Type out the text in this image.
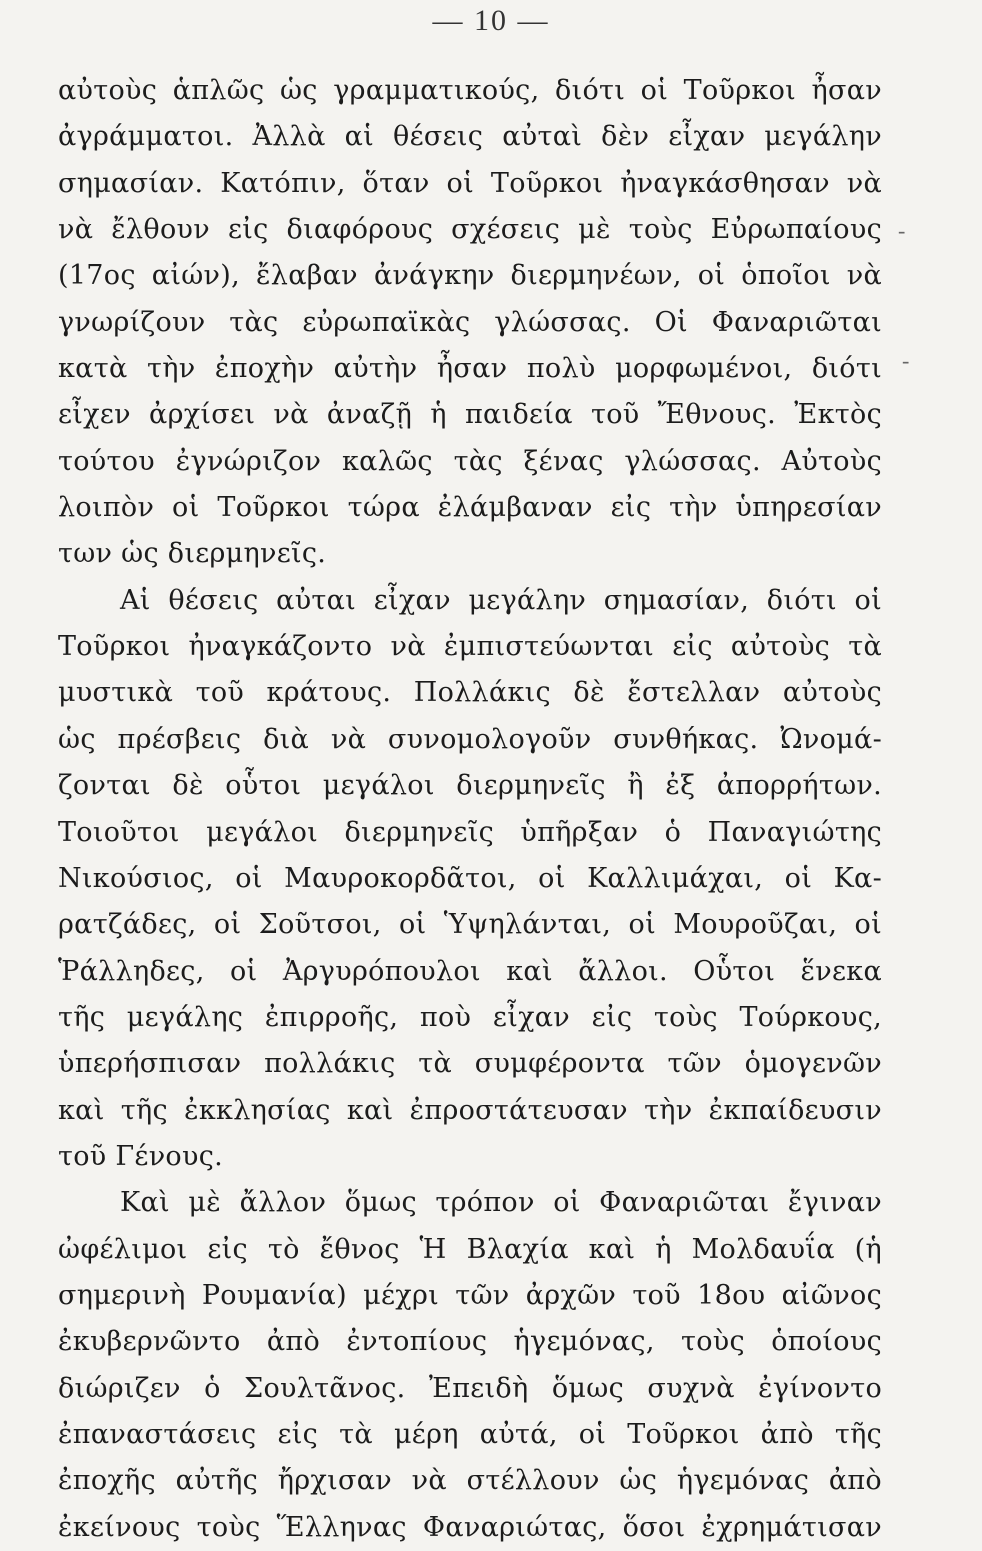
— 10 —
αὐτοὺς ἁπλῶς ὡς γραμματικούς, διότι οἱ Τοῦρκοι ἦσαν
ἀγράμματοι. Ἀλλὰ αἱ θέσεις αὐταὶ δὲν εἶχαν μεγάλην
σημασίαν. Κατόπιν, ὅταν οἱ Τοῦρκοι ἠναγκάσθησαν νὰ
νὰ ἔλθουν εἰς διαφόρους σχέσεις μὲ τοὺς Εὐρωπαίους
(17ος αἰών), ἔλαβαν ἀνάγκην διερμηνέων, οἱ ὁποῖοι νὰ
γνωρίζουν τὰς εὐρωπαϊκὰς γλώσσας. Οἱ Φαναριῶται
κατὰ τὴν ἐποχὴν αὐτὴν ἦσαν πολὺ μορφωμένοι, διότι
εἶχεν ἀρχίσει νὰ ἀναζῇ ἡ παιδεία τοῦ Ἔθνους. Ἐκτὸς
τούτου ἐγνώριζον καλῶς τὰς ξένας γλώσσας. Αὐτοὺς
λοιπὸν οἱ Τοῦρκοι τώρα ἐλάμβαναν εἰς τὴν ὑπηρεσίαν
των ὡς διερμηνεῖς.
Αἱ θέσεις αὐται εἶχαν μεγάλην σημασίαν, διότι οἱ
Τοῦρκοι ἠναγκάζοντο νὰ ἐμπιστεύωνται εἰς αὐτοὺς τὰ
μυστικὰ τοῦ κράτους. Πολλάκις δὲ ἔστελλαν αὐτοὺς
ὡς πρέσβεις διὰ νὰ συνομολογοῦν συνθήκας. Ὠνομά-
ζονται δὲ οὗτοι μεγάλοι διερμηνεῖς ἢ ἐξ ἀπορρήτων.
Τοιοῦτοι μεγάλοι διερμηνεῖς ὑπῆρξαν ὁ Παναγιώτης
Νικούσιος, οἱ Μαυροκορδᾶτοι, οἱ Καλλιμάχαι, οἱ Κα-
ρατζάδες, οἱ Σοῦτσοι, οἱ Ὑψηλάνται, οἱ Μουροῦζαι, οἱ
Ῥάλληδες, οἱ Ἀργυρόπουλοι καὶ ἄλλοι. Οὗτοι ἕνεκα
τῆς μεγάλης ἐπιρροῆς, ποὺ εἶχαν εἰς τοὺς Τούρκους,
ὑπερήσπισαν πολλάκις τὰ συμφέροντα τῶν ὁμογενῶν
καὶ τῆς ἐκκλησίας καὶ ἐπροστάτευσαν τὴν ἐκπαίδευσιν
τοῦ Γένους.
Καὶ μὲ ἄλλον ὅμως τρόπον οἱ Φαναριῶται ἔγιναν
ὠφέλιμοι εἰς τὸ ἔθνος Ἡ Βλαχία καὶ ἡ Μολδαυΐα (ἡ
σημερινὴ Ρουμανία) μέχρι τῶν ἀρχῶν τοῦ 18ου αἰῶνος
ἐκυβερνῶντο ἀπὸ ἐντοπίους ἡγεμόνας, τοὺς ὁποίους
διώριζεν ὁ Σουλτᾶνος. Ἐπειδὴ ὅμως συχνὰ ἐγίνοντο
ἐπαναστάσεις εἰς τὰ μέρη αὐτά, οἱ Τοῦρκοι ἀπὸ τῆς
ἐποχῆς αὐτῆς ἤρχισαν νὰ στέλλουν ὡς ἡγεμόνας ἀπὸ
ἐκείνους τοὺς Ἕλληνας Φαναριώτας, ὅσοι ἐχρημάτισαν
-
-
